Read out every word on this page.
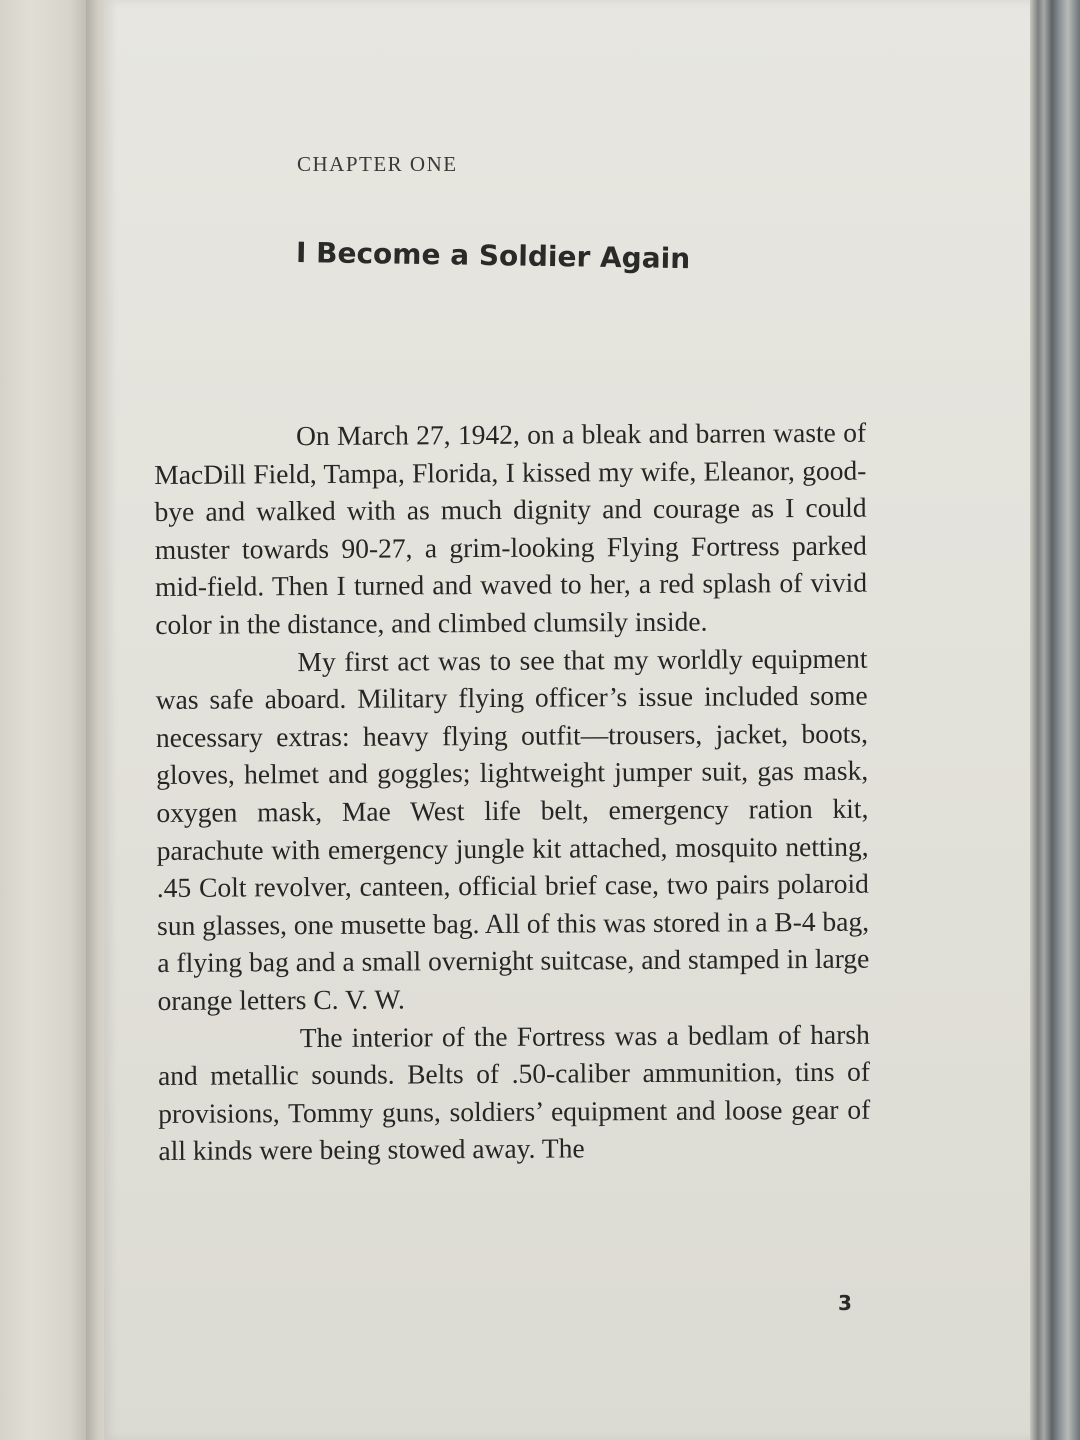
CHAPTER ONE
I Become a Soldier Again

On March 27, 1942, on a bleak and barren waste of MacDill Field, Tampa, Florida, I kissed my wife, Eleanor, good-bye and walked with as much dignity and courage as I could muster towards 90-27, a grim-looking Flying Fortress parked mid-field. Then I turned and waved to her, a red splash of vivid color in the distance, and climbed clumsily inside.

My first act was to see that my worldly equipment was safe aboard. Military flying officer’s issue included some necessary extras: heavy flying outfit—trousers, jacket, boots, gloves, helmet and goggles; lightweight jumper suit, gas mask, oxygen mask, Mae West life belt, emergency ration kit, parachute with emergency jungle kit attached, mosquito netting, .45 Colt revolver, canteen, official brief case, two pairs polaroid sun glasses, one musette bag. All of this was stored in a B-4 bag, a flying bag and a small overnight suitcase, and stamped in large orange letters C. V. W.

The interior of the Fortress was a bedlam of harsh and metallic sounds. Belts of .50-caliber ammunition, tins of provisions, Tommy guns, soldiers’ equipment and loose gear of all kinds were being stowed away. The

3
